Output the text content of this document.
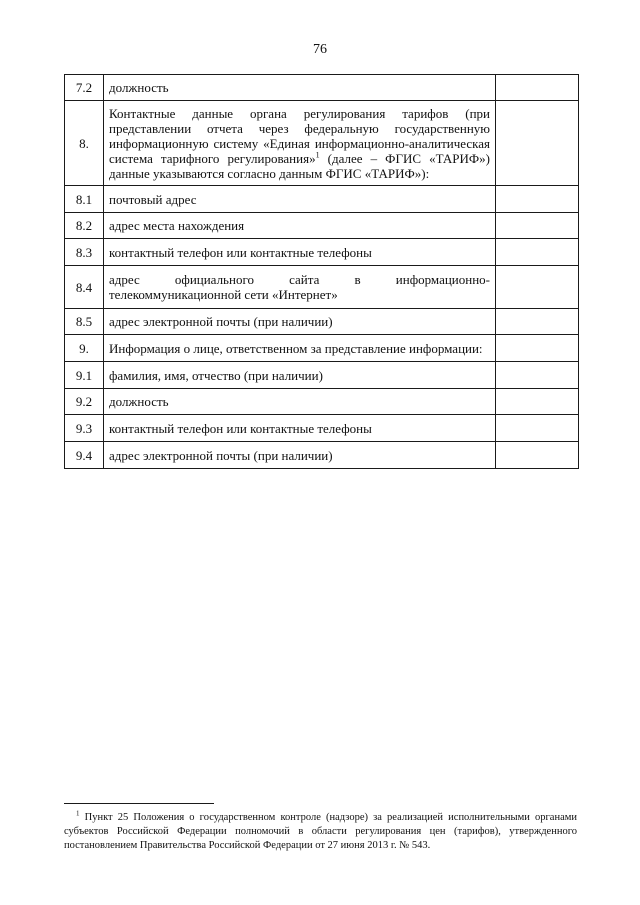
76
7.2	должность	
8.	Контактные данные органа регулирования тарифов (при представлении отчета через федеральную государственную информационную систему «Единая информационно-аналитическая система тарифного регулирования»$^1$ (далее – ФГИС «ТАРИФ») данные указываются согласно данным ФГИС «ТАРИФ»):	
8.1	почтовый адрес	
8.2	адрес места нахождения	
8.3	контактный телефон или контактные телефоны	
8.4	адрес официального сайта в информационно-телекоммуникационной сети «Интернет»	
8.5	адрес электронной почты (при наличии)	
9.	Информация о лице, ответственном за представление информации:	
9.1	фамилия, имя, отчество (при наличии)	
9.2	должность	
9.3	контактный телефон или контактные телефоны	
9.4	адрес электронной почты (при наличии)	
$^1$ Пункт 25 Положения о государственном контроле (надзоре) за реализацией исполнительными органами субъектов Российской Федерации полномочий в области регулирования цен (тарифов), утвержденного постановлением Правительства Российской Федерации от 27 июня 2013 г. № 543.
